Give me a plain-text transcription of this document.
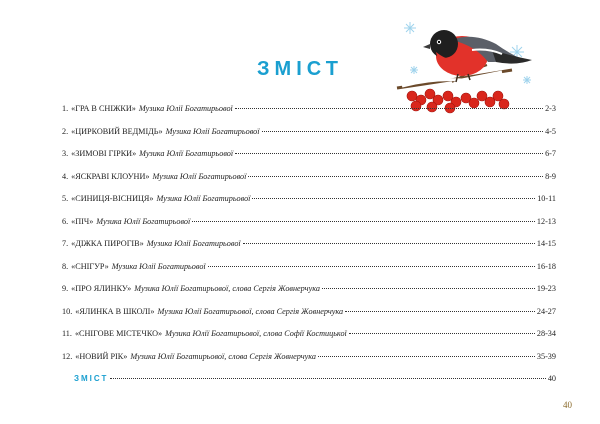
ЗМІСТ
1. «ГРА В СНІЖКИ» Музика Юлії Богатирьової	2-3
2. «ЦИРКОВИЙ ВЕДМІДЬ» Музика Юлії Богатирьової	4-5
3. «ЗИМОВІ ГІРКИ» Музика Юлії Богатирьової	6-7
4. «ЯСКРАВІ КЛОУНИ» Музика Юлії Богатирьової	8-9
5. «СИНИЦЯ-ВІСНИЦЯ» Музика Юлії Богатирьової	10-11
6. «ПІЧ» Музика Юлії Богатирьової	12-13
7. «ДІЖКА ПИРОГІВ» Музика Юлії Богатирьової	14-15
8. «СНІГУР» Музика Юлії Богатирьової	16-18
9. «ПРО ЯЛИНКУ» Музика Юлії Богатирьової, слова Сергія Жовнерчука	19-23
10. «ЯЛИНКА В ШКОЛІ» Музика Юлії Богатирьової, слова Сергія Жовнерчука	24-27
11. «СНІГОВЕ МІСТЕЧКО» Музика Юлії Богатирьової, слова Софії Костицької	28-34
12. «НОВИЙ РІК» Музика Юлії Богатирьової, слова Сергія Жовнерчука	35-39
ЗМІСТ	40
40
